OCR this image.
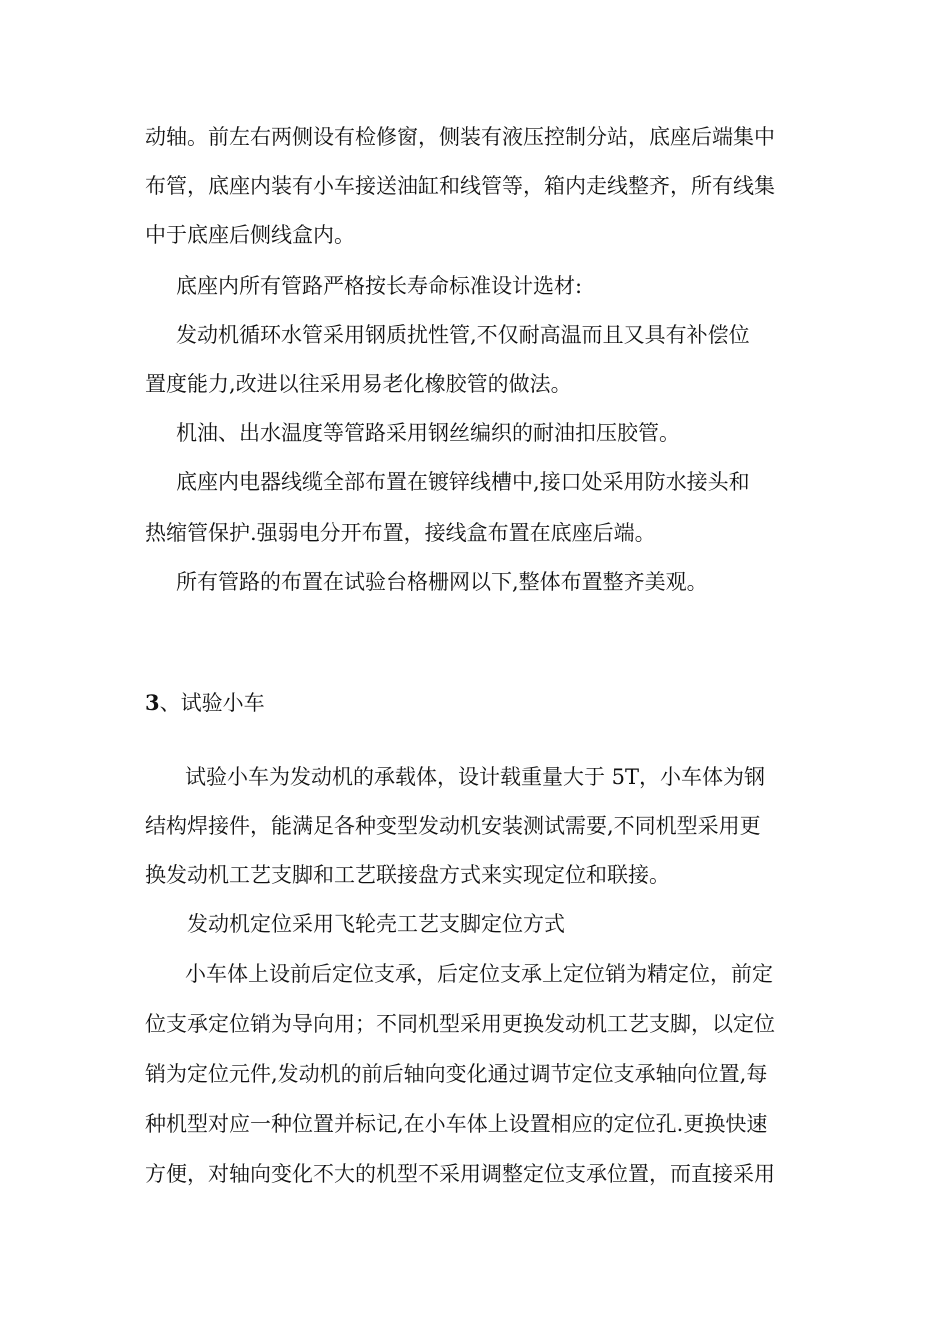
动轴。前左右两侧设有检修窗，侧装有液压控制分站，底座后端集中
布管，底座内装有小车接送油缸和线管等，箱内走线整齐，所有线集
中于底座后侧线盒内。
底座内所有管路严格按长寿命标准设计选材:
发动机循环水管采用钢质扰性管,不仅耐高温而且又具有补偿位
置度能力,改进以往采用易老化橡胶管的做法。
机油、出水温度等管路采用钢丝编织的耐油扣压胶管。
底座内电器线缆全部布置在镀锌线槽中,接口处采用防水接头和
热缩管保护.强弱电分开布置，接线盒布置在底座后端。
所有管路的布置在试验台格栅网以下,整体布置整齐美观。
3、试验小车
试验小车为发动机的承载体，设计载重量大于 5T，小车体为钢
结构焊接件，能满足各种变型发动机安装测试需要,不同机型采用更
换发动机工艺支脚和工艺联接盘方式来实现定位和联接。
发动机定位采用飞轮壳工艺支脚定位方式
小车体上设前后定位支承，后定位支承上定位销为精定位，前定
位支承定位销为导向用；不同机型采用更换发动机工艺支脚，以定位
销为定位元件,发动机的前后轴向变化通过调节定位支承轴向位置,每
种机型对应一种位置并标记,在小车体上设置相应的定位孔.更换快速
方便，对轴向变化不大的机型不采用调整定位支承位置，而直接采用
